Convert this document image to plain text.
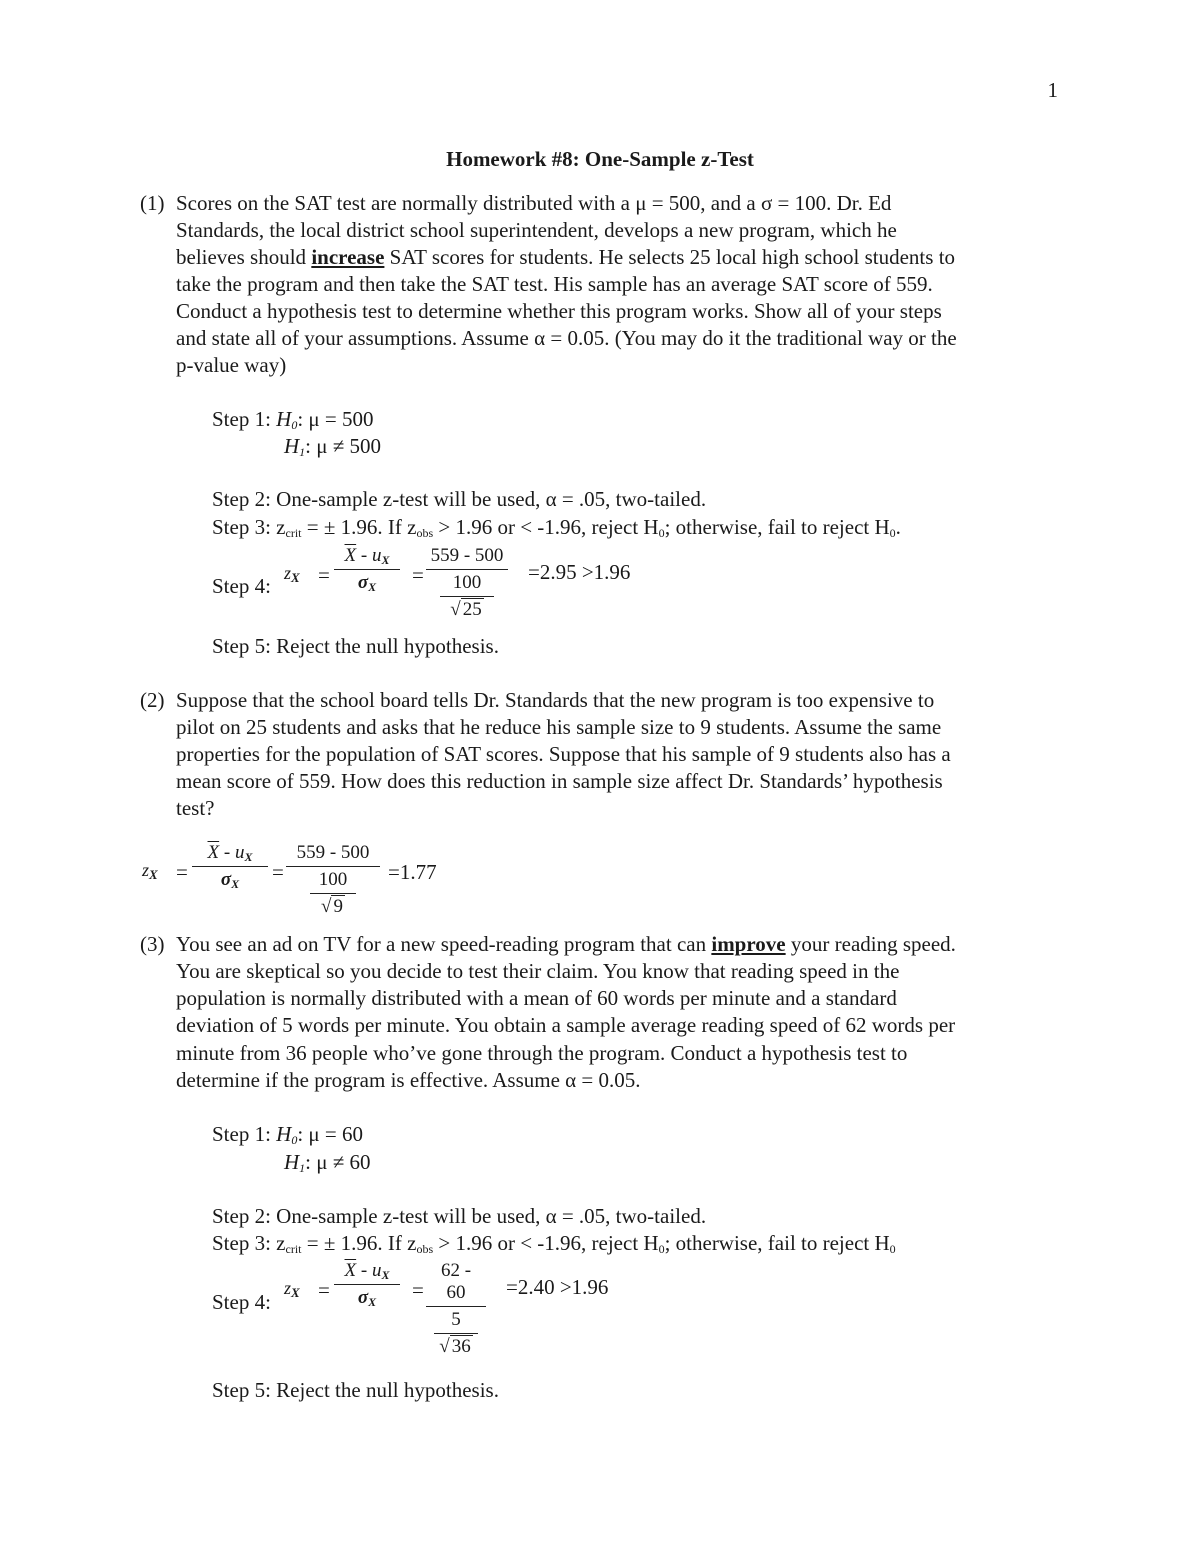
1
Homework #8: One-Sample z-Test
(1) Scores on the SAT test are normally distributed with a μ = 500, and a σ = 100. Dr. Ed
Standards, the local district school superintendent, develops a new program, which he
believes should increase SAT scores for students. He selects 25 local high school students to
take the program and then take the SAT test. His sample has an average SAT score of 559.
Conduct a hypothesis test to determine whether this program works. Show all of your steps
and state all of your assumptions. Assume α = 0.05. (You may do it the traditional way or the
p-value way)
Step 1: $H_0$: μ = 500
$H_1$: μ ≠ 500
Step 2: One-sample z-test will be used, α = .05, two-tailed.
Step 3: $z_{crit}$ = ± 1.96. If $z_{obs} > 1.96$ or < -1.96, reject $H_0$; otherwise, fail to reject $H_0$.
Step 4:
$z_X$ =
$\overline{X} - u_X$
$\sigma_X$	=
559 - 500
100
√ 25
=2.95 >1.96
Step 5: Reject the null hypothesis.
(2) Suppose that the school board tells Dr. Standards that the new program is too expensive to
pilot on 25 students and asks that he reduce his sample size to 9 students. Assume the same
properties for the population of SAT scores. Suppose that his sample of 9 students also has a
mean score of 559. How does this reduction in sample size affect Dr. Standards’ hypothesis
test?
$z_X$ =
$\overline{X} - u_X$
$\sigma_X$	=
559 - 500
100
√ 9
=1.77
(3) You see an ad on TV for a new speed-reading program that can improve your reading speed.
You are skeptical so you decide to test their claim. You know that reading speed in the
population is normally distributed with a mean of 60 words per minute and a standard
deviation of 5 words per minute. You obtain a sample average reading speed of 62 words per
minute from 36 people who’ve gone through the program. Conduct a hypothesis test to
determine if the program is effective. Assume α = 0.05.
Step 1: $H_0$: μ = 60
$H_1$: μ ≠ 60
Step 2: One-sample z-test will be used, α = .05, two-tailed.
Step 3: $z_{crit}$ = ± 1.96. If $z_{obs} > 1.96$ or < -1.96, reject $H_0$; otherwise, fail to reject $H_0$
Step 4:
$z_X$ =
$\overline{X} - u_X$
$\sigma_X$	=
62 - 60
5
√ 36
=2.40 >1.96
Step 5: Reject the null hypothesis.
